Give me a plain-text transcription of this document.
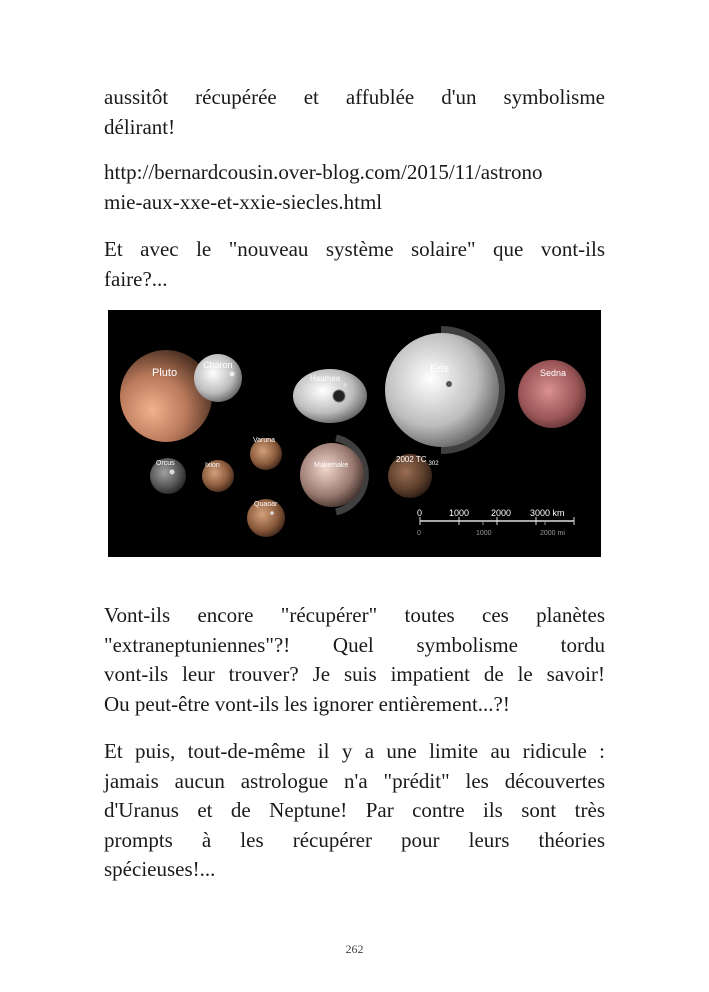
aussitôt récupérée et affublée d'un symbolisme
délirant!

http://bernardcousin.over-blog.com/2015/11/astrono
mie-aux-xxe-et-xxie-siecles.html

Et avec le "nouveau système solaire" que vont-ils
faire?...

Pluto
Charon
Haumea
Eris	Sedna
Varuna
Orcus	Ixion	Makemake
2002 TC $_{302}$
Quaoar
0	1000 2000 3000 km
0	1000	2000 mi

Vont-ils encore "récupérer" toutes ces planètes
"extraneptuniennes"?! Quel symbolisme tordu
vont-ils leur trouver? Je suis impatient de le savoir!
Ou peut-être vont-ils les ignorer entièrement...?!

Et puis, tout-de-même il y a une limite au ridicule :
jamais aucun astrologue n'a "prédit" les découvertes
d'Uranus et de Neptune! Par contre ils sont très
prompts à les récupérer pour leurs théories
spécieuses!...

262
